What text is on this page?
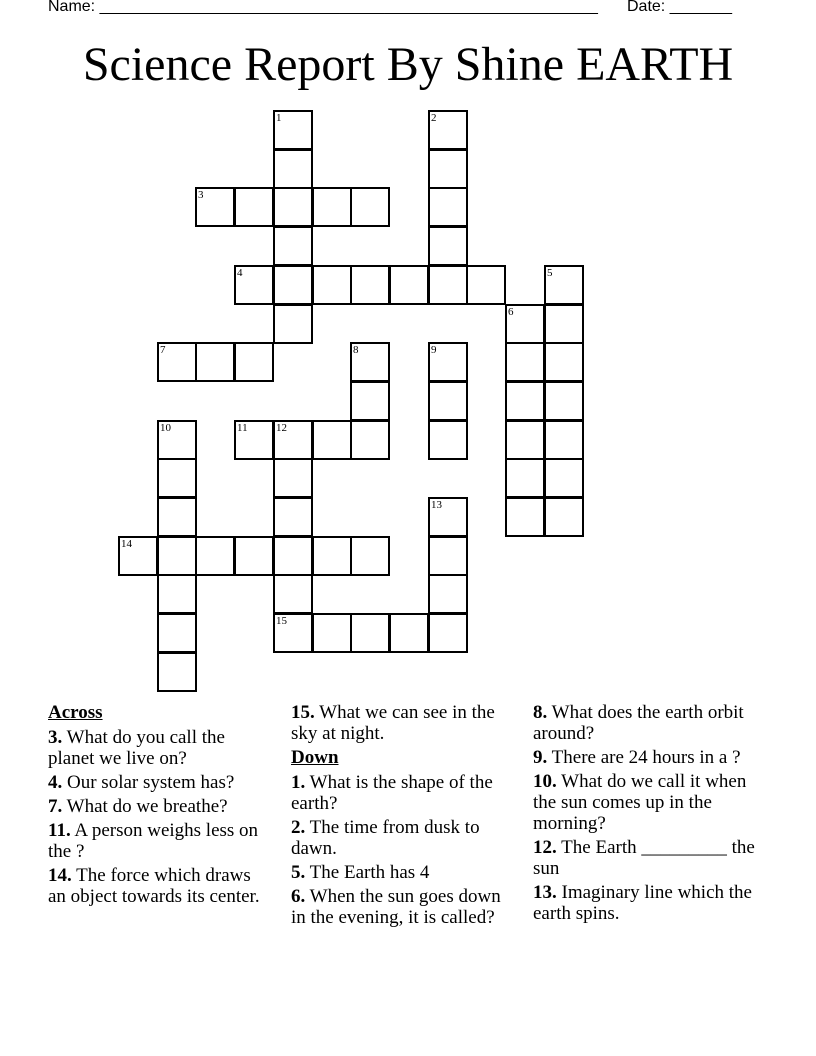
Name: ________________________________________________________ Date: _______
Science Report By Shine EARTH
1	2
3
4	5
6
7	8	9
10	11	12
13
14
15
Across
3. What do you call the planet we live on?
4. Our solar system has?
7. What do we breathe?
11. A person weighs less on the ?
14. The force which draws an object towards its center.
15. What we can see in the sky at night.
Down
1. What is the shape of the earth?
2. The time from dusk to dawn.
5. The Earth has 4
6. When the sun goes down in the evening, it is called?
8. What does the earth orbit around?
9. There are 24 hours in a ?
10. What do we call it when the sun comes up in the morning?
12. The Earth _________ the sun
13. Imaginary line which the earth spins.
